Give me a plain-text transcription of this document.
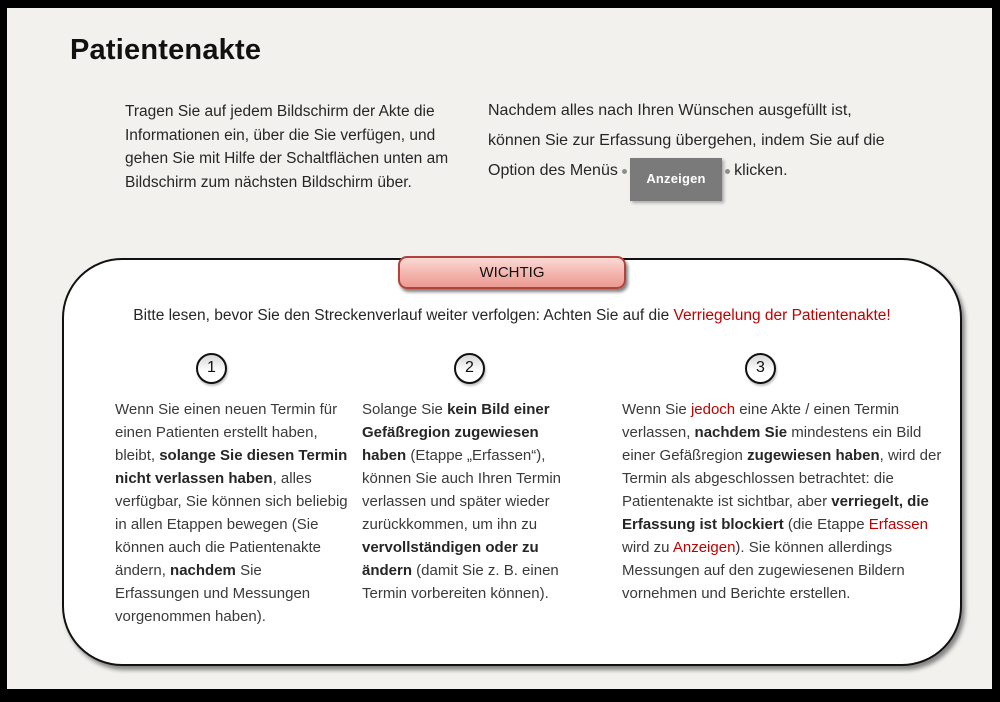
Patientenakte
Tragen Sie auf jedem Bildschirm der Akte die Informationen ein, über die Sie verfügen, und gehen Sie mit Hilfe der Schaltflächen unten am Bildschirm zum nächsten Bildschirm über.
Nachdem alles nach Ihren Wünschen ausgefüllt ist, können Sie zur Erfassung übergehen, indem Sie auf die Option des Menüs Anzeigen klicken.
WICHTIG
Bitte lesen, bevor Sie den Streckenverlauf weiter verfolgen: Achten Sie auf die Verriegelung der Patientenakte!
1	2	3
Wenn Sie einen neuen Termin für einen Patienten erstellt haben, bleibt, solange Sie diesen Termin nicht verlassen haben, alles verfügbar, Sie können sich beliebig in allen Etappen bewegen (Sie können auch die Patientenakte ändern, nachdem Sie Erfassungen und Messungen vorgenommen haben).
Solange Sie kein Bild einer Gefäßregion zugewiesen haben (Etappe „Erfassen“), können Sie auch Ihren Termin verlassen und später wieder zurückkommen, um ihn zu vervollständigen oder zu ändern (damit Sie z. B. einen Termin vorbereiten können).
Wenn Sie jedoch eine Akte / einen Termin verlassen, nachdem Sie mindestens ein Bild einer Gefäßregion zugewiesen haben, wird der Termin als abgeschlossen betrachtet: die Patientenakte ist sichtbar, aber verriegelt, die Erfassung ist blockiert (die Etappe Erfassen wird zu Anzeigen). Sie können allerdings Messungen auf den zugewiesenen Bildern vornehmen und Berichte erstellen.
